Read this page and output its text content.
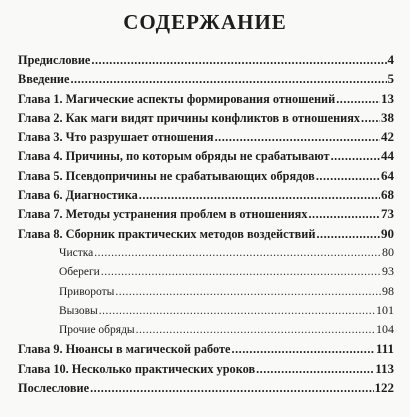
СОДЕРЖАНИЕ
Предисловие .....	4
Введение .....	5
Глава 1. Магические аспекты формирования отношений .....	13
Глава 2. Как маги видят причины конфликтов в отношениях ..... 38
Глава 3. Что разрушает отношения .....	42
Глава 4. Причины, по которым обряды не срабатывают .....	44
Глава 5. Псевдопричины не срабатывающих обрядов .....	64
Глава 6. Диагностика .....	68
Глава 7. Методы устранения проблем в отношениях .....	73
Глава 8. Сборник практических методов воздействий .....	90
Чистка .....	80
Обереги .....	93
Привороты .....	98
Вызовы .....	101
Прочие обряды .....	104
Глава 9. Нюансы в магической работе .....	111
Глава 10. Несколько практических уроков .....	113
Послесловие .....	122
